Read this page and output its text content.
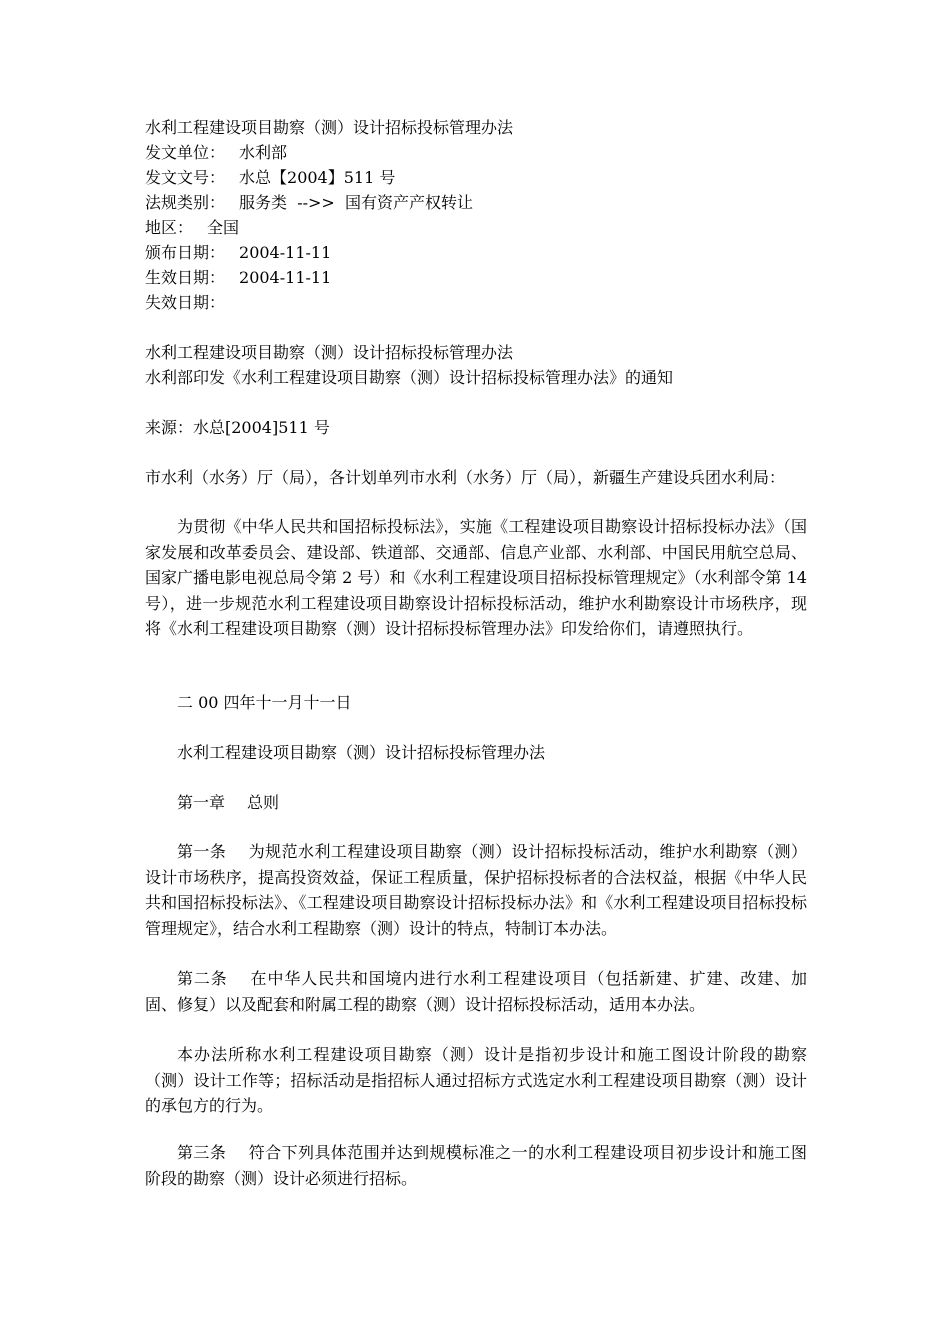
水利工程建设项目勘察（测）设计招标投标管理办法
发文单位： 水利部
发文文号： 水总【2004】511 号
法规类别： 服务类  -->>  国有资产产权转让
地区： 全国
颁布日期： 2004-11-11
生效日期： 2004-11-11
失效日期：
水利工程建设项目勘察（测）设计招标投标管理办法
水利部印发《水利工程建设项目勘察（测）设计招标投标管理办法》的通知
来源：水总[2004]511 号
市水利（水务）厅（局），各计划单列市水利（水务）厅（局），新疆生产建设兵团水利局：

为贯彻《中华人民共和国招标投标法》，实施《工程建设项目勘察设计招标投标办法》（国家发展和改革委员会、建设部、铁道部、交通部、信息产业部、水利部、中国民用航空总局、国家广播电影电视总局令第 2 号）和《水利工程建设项目招标投标管理规定》（水利部令第 14 号），进一步规范水利工程建设项目勘察设计招标投标活动，维护水利勘察设计市场秩序，现将《水利工程建设项目勘察（测）设计招标投标管理办法》印发给你们，请遵照执行。

二 00 四年十一月十一日
水利工程建设项目勘察（测）设计招标投标管理办法
第一章 总则

第一条 为规范水利工程建设项目勘察（测）设计招标投标活动，维护水利勘察（测）设计市场秩序，提高投资效益，保证工程质量，保护招标投标者的合法权益，根据《中华人民共和国招标投标法》、《工程建设项目勘察设计招标投标办法》和《水利工程建设项目招标投标管理规定》，结合水利工程勘察（测）设计的特点，特制订本办法。

第二条 在中华人民共和国境内进行水利工程建设项目（包括新建、扩建、改建、加固、修复）以及配套和附属工程的勘察（测）设计招标投标活动，适用本办法。

本办法所称水利工程建设项目勘察（测）设计是指初步设计和施工图设计阶段的勘察（测）设计工作等；招标活动是指招标人通过招标方式选定水利工程建设项目勘察（测）设计的承包方的行为。

第三条 符合下列具体范围并达到规模标准之一的水利工程建设项目初步设计和施工图阶段的勘察（测）设计必须进行招标。
